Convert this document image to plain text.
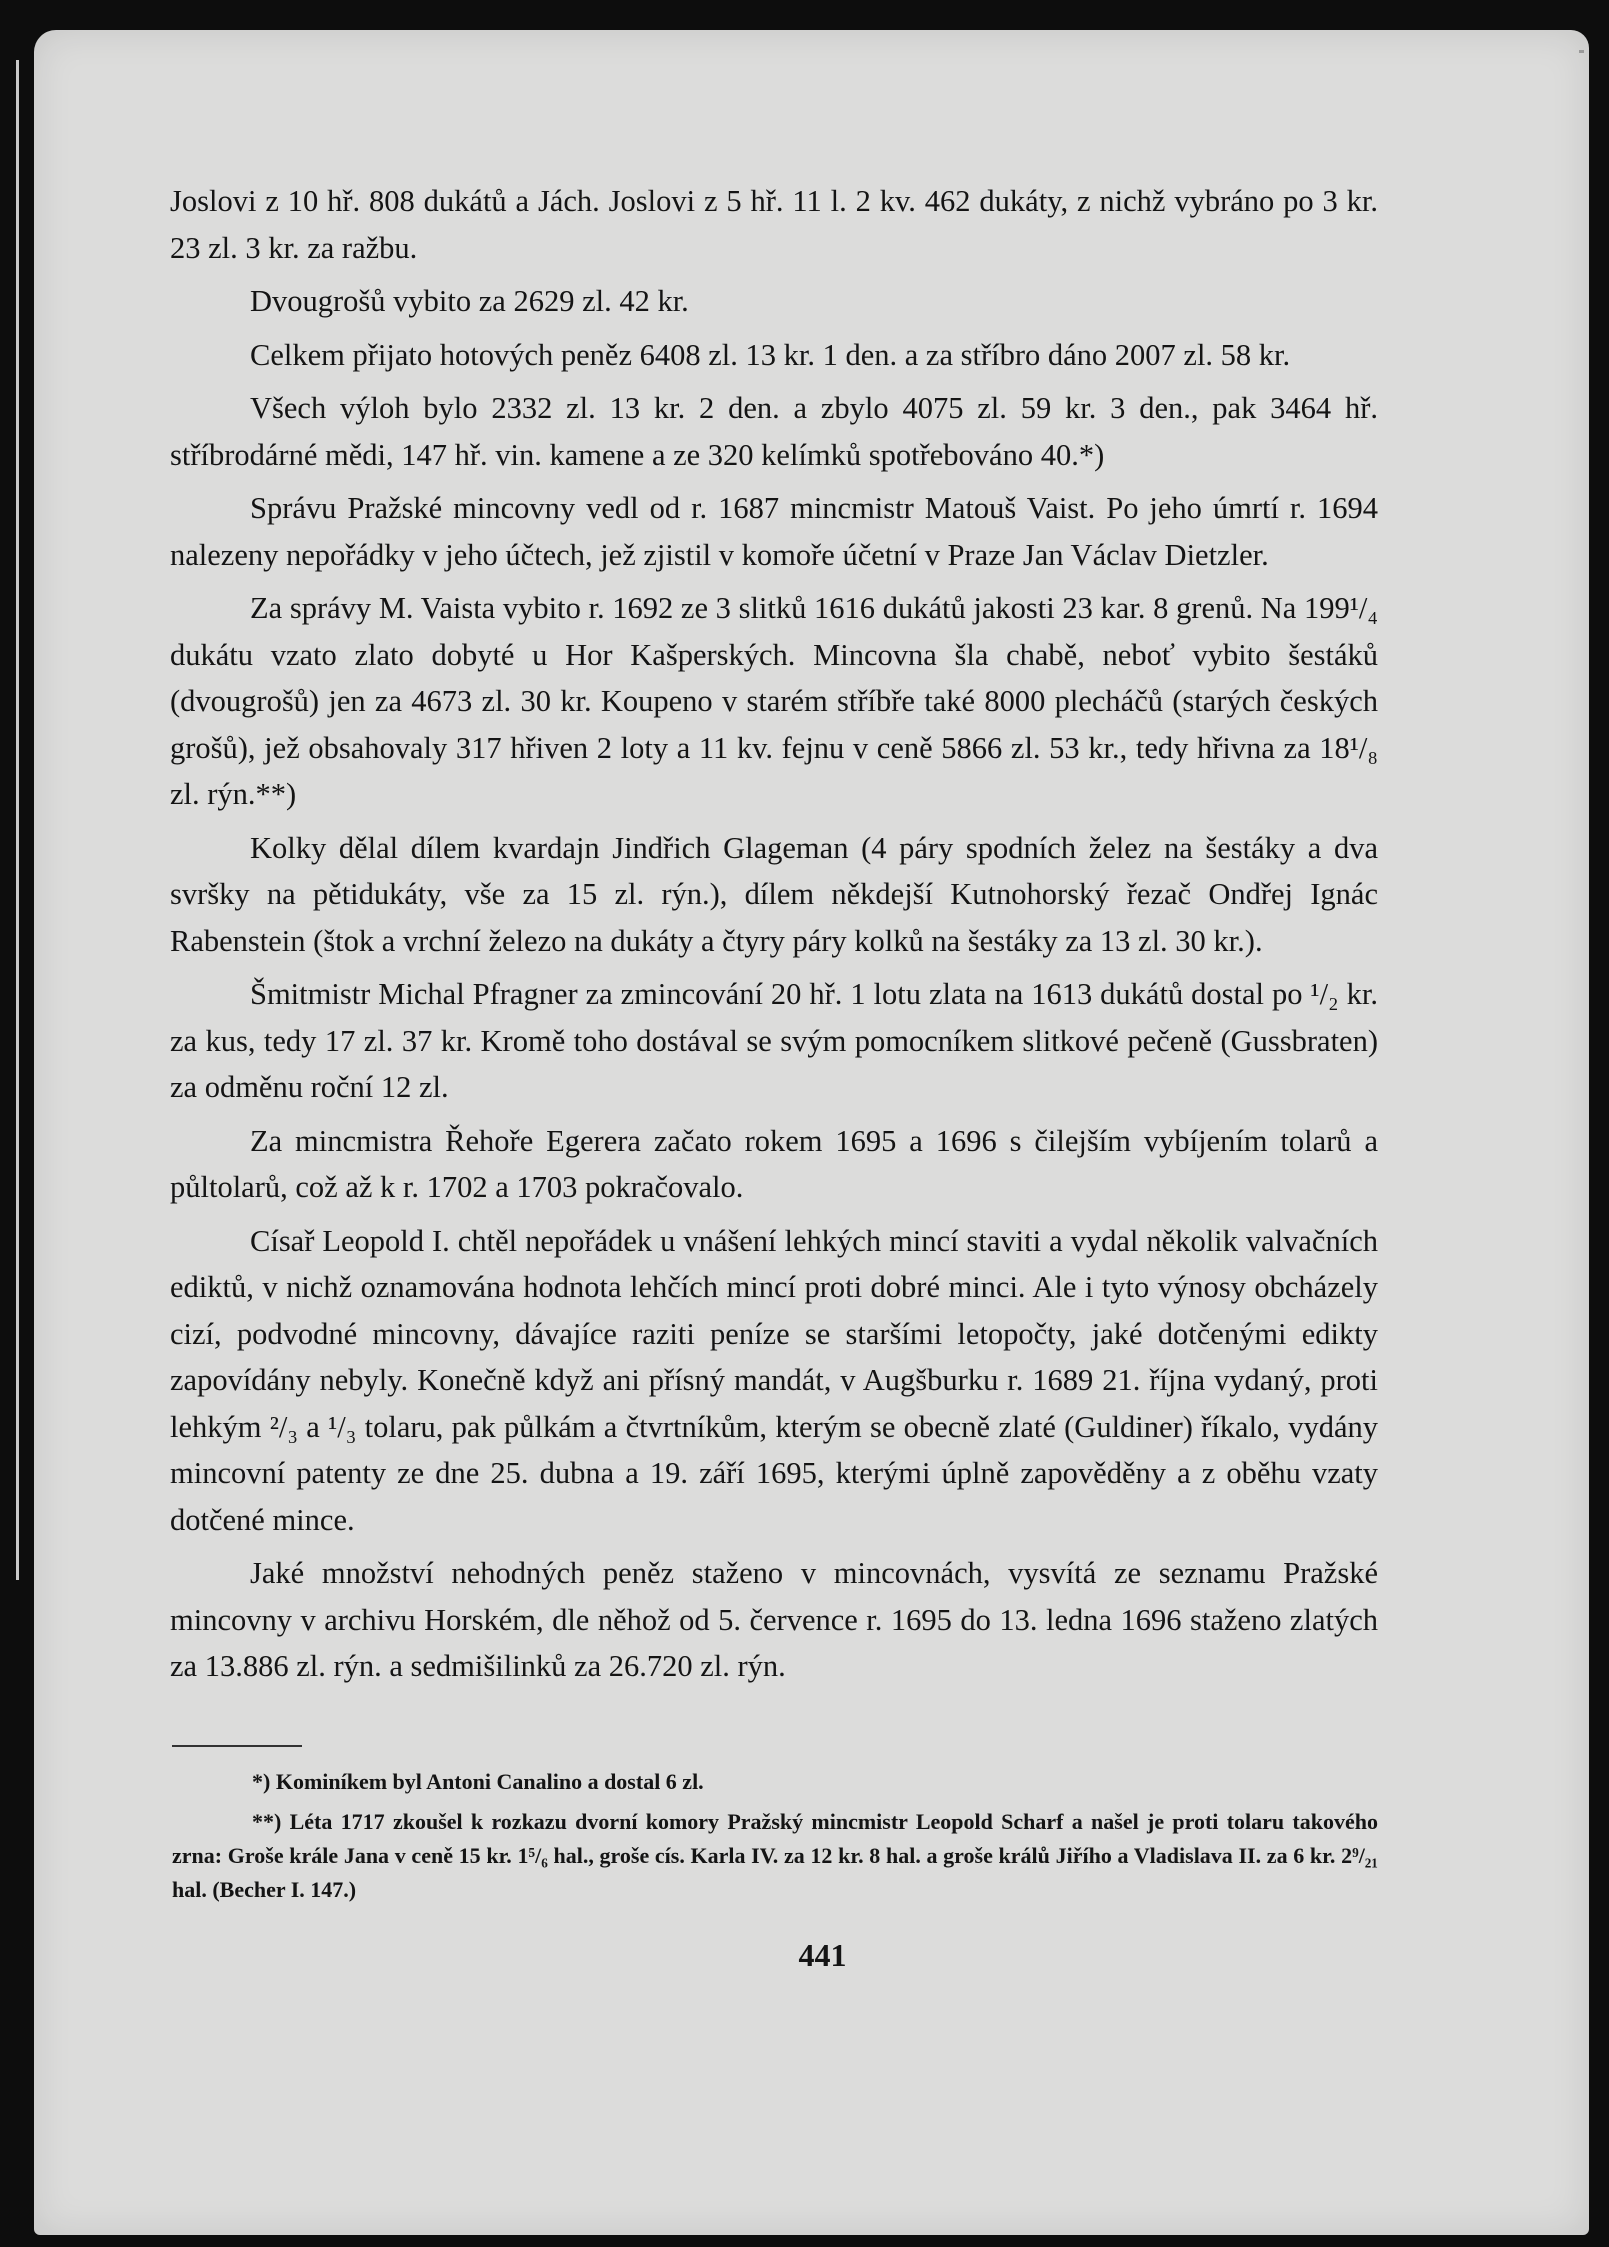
Joslovi z 10 hř. 808 dukátů a Jách. Joslovi z 5 hř. 11 l. 2 kv. 462 dukáty, z nichž vybráno po 3 kr. 23 zl. 3 kr. za ražbu.

Dvougrošů vybito za 2629 zl. 42 kr.

Celkem přijato hotových peněz 6408 zl. 13 kr. 1 den. a za stříbro dáno 2007 zl. 58 kr.

Všech výloh bylo 2332 zl. 13 kr. 2 den. a zbylo 4075 zl. 59 kr. 3 den., pak 3464 hř. stříbrodárné mědi, 147 hř. vin. kamene a ze 320 kelímků spotřebováno 40.*)

Správu Pražské mincovny vedl od r. 1687 mincmistr Matouš Vaist. Po jeho úmrtí r. 1694 nalezeny nepořádky v jeho účtech, jež zjistil v komoře účetní v Praze Jan Václav Dietzler.

Za správy M. Vaista vybito r. 1692 ze 3 slitků 1616 dukátů jakosti 23 kar. 8 grenů. Na 199¹/₄ dukátu vzato zlato dobyté u Hor Kašperských. Mincovna šla chabě, neboť vybito šestáků (dvougrošů) jen za 4673 zl. 30 kr. Koupeno v starém stříbře také 8000 plecháčů (starých českých grošů), jež obsahovaly 317 hřiven 2 loty a 11 kv. fejnu v ceně 5866 zl. 53 kr., tedy hřivna za 18¹/₈ zl. rýn.**)

Kolky dělal dílem kvardajn Jindřich Glageman (4 páry spodních želez na šestáky a dva svršky na pětidukáty, vše za 15 zl. rýn.), dílem někdejší Kutnohorský řezač Ondřej Ignác Rabenstein (štok a vrchní železo na dukáty a čtyry páry kolků na šestáky za 13 zl. 30 kr.).

Šmitmistr Michal Pfragner za zmincování 20 hř. 1 lotu zlata na 1613 dukátů dostal po ¹/₂ kr. za kus, tedy 17 zl. 37 kr. Kromě toho dostával se svým pomocníkem slitkové pečeně (Gussbraten) za odměnu roční 12 zl.

Za mincmistra Řehoře Egerera začato rokem 1695 a 1696 s čilejším vybíjením tolarů a půltolarů, což až k r. 1702 a 1703 pokračovalo.

Císař Leopold I. chtěl nepořádek u vnášení lehkých mincí staviti a vydal několik valvačních ediktů, v nichž oznamována hodnota lehčích mincí proti dobré minci. Ale i tyto výnosy obcházely cizí, podvodné mincovny, dávajíce raziti peníze se staršími letopočty, jaké dotčenými edikty zapovídány nebyly. Konečně když ani přísný mandát, v Augšburku r. 1689 21. října vydaný, proti lehkým ²/₃ a ¹/₃ tolaru, pak půlkám a čtvrtníkům, kterým se obecně zlaté (Guldiner) říkalo, vydány mincovní patenty ze dne 25. dubna a 19. září 1695, kterými úplně zapověděny a z oběhu vzaty dotčené mince.

Jaké množství nehodných peněz staženo v mincovnách, vysvítá ze seznamu Pražské mincovny v archivu Horském, dle něhož od 5. července r. 1695 do 13. ledna 1696 staženo zlatých za 13.886 zl. rýn. a sedmišilinků za 26.720 zl. rýn.

*) Kominíkem byl Antoni Canalino a dostal 6 zl.

**) Léta 1717 zkoušel k rozkazu dvorní komory Pražský mincmistr Leopold Scharf a našel je proti tolaru takového zrna: Groše krále Jana v ceně 15 kr. 1⁵/₆ hal., groše cís. Karla IV. za 12 kr. 8 hal. a groše králů Jiřího a Vladislava II. za 6 kr. 2⁹/₂₁ hal. (Becher I. 147.)

441
